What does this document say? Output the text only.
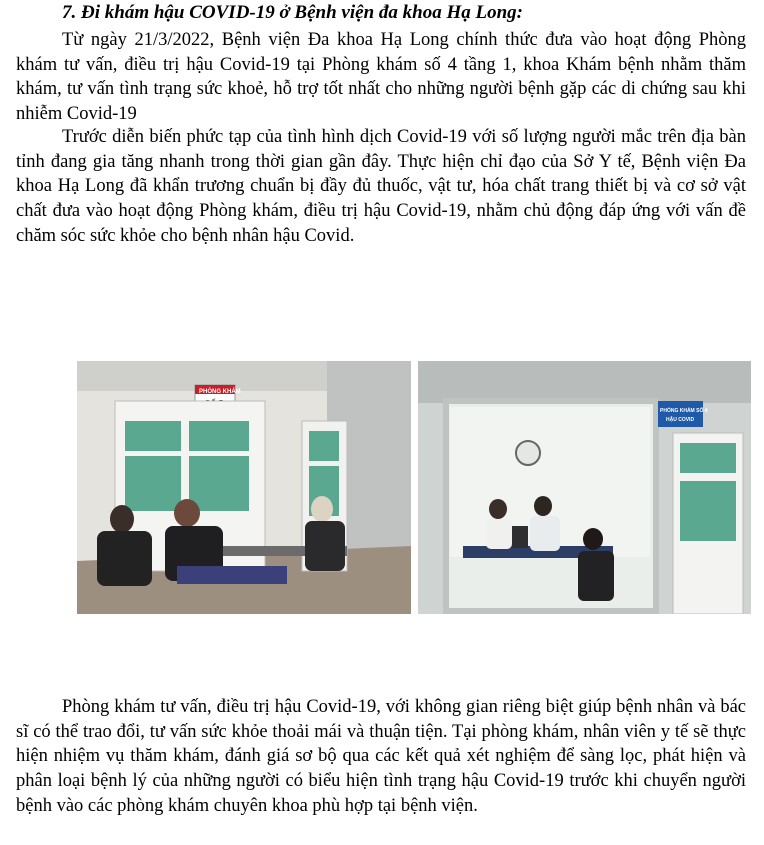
7. Đi khám hậu COVID-19 ở Bệnh viện đa khoa Hạ Long:

Từ ngày 21/3/2022, Bệnh viện Đa khoa Hạ Long chính thức đưa vào hoạt động Phòng khám tư vấn, điều trị hậu Covid-19 tại Phòng khám số 4 tầng 1, khoa Khám bệnh nhằm thăm khám, tư vấn tình trạng sức khoẻ, hỗ trợ tốt nhất cho những người bệnh gặp các di chứng sau khi nhiễm Covid-19

Trước diễn biến phức tạp của tình hình dịch Covid-19 với số lượng người mắc trên địa bàn tỉnh đang gia tăng nhanh trong thời gian gần đây. Thực hiện chỉ đạo của Sở Y tế, Bệnh viện Đa khoa Hạ Long đã khẩn trương chuẩn bị đầy đủ thuốc, vật tư, hóa chất trang thiết bị và cơ sở vật chất đưa vào hoạt động Phòng khám, điều trị hậu Covid-19, nhằm chủ động đáp ứng với vấn đề chăm sóc sức khỏe cho bệnh nhân hậu Covid.

PHÒNG KHÁM
PHÒNG KHÁM SỐ 4
HẬU COVID

Phòng khám tư vấn, điều trị hậu Covid-19, với không gian riêng biệt giúp bệnh nhân và bác sĩ có thể trao đổi, tư vấn sức khỏe thoải mái và thuận tiện. Tại phòng khám, nhân viên y tế sẽ thực hiện nhiệm vụ thăm khám, đánh giá sơ bộ qua các kết quả xét nghiệm để sàng lọc, phát hiện và phân loại bệnh lý của những người có biểu hiện tình trạng hậu Covid-19 trước khi chuyển người bệnh vào các phòng khám chuyên khoa phù hợp tại bệnh viện.
